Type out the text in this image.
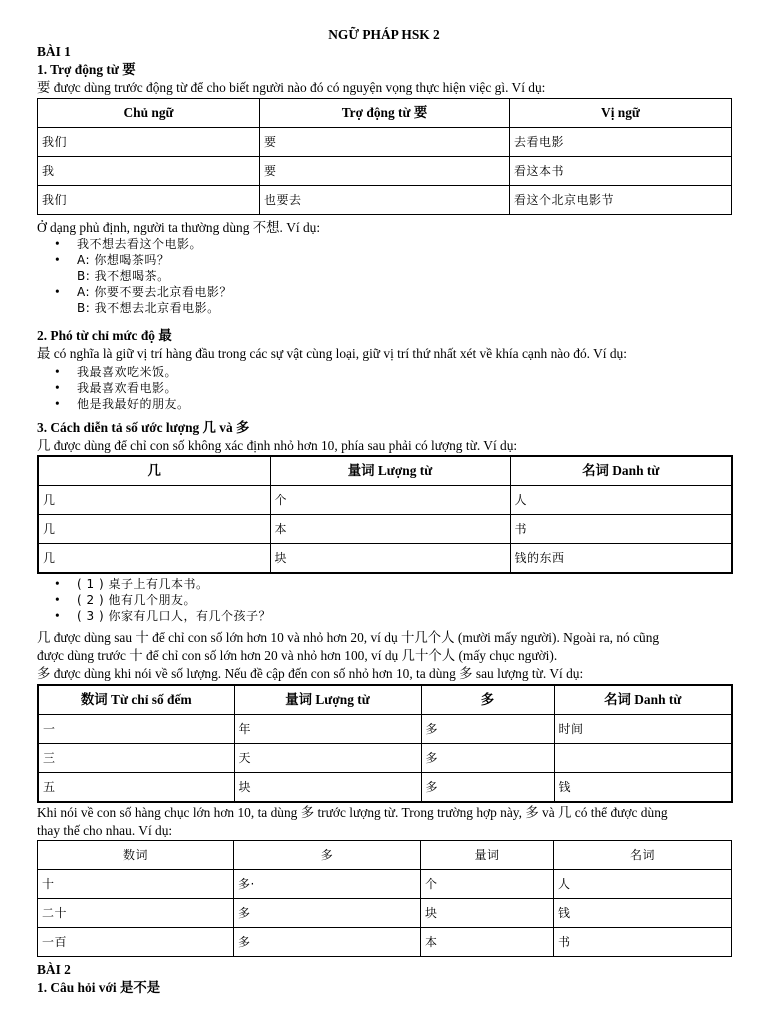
NGỮ PHÁP HSK 2
BÀI 1
1. Trợ động từ 要
要 được dùng trước động từ để cho biết người nào đó có nguyện vọng thực hiện việc gì. Ví dụ:
Chủ ngữ	Trợ động từ 要	Vị ngữ
我们	要	去看电影
我	要	看这本书
我们	也要去	看这个北京电影节
Ở dạng phủ định, người ta thường dùng 不想. Ví dụ:
• 我不想去看这个电影。
• A: 你想喝茶吗？
B: 我不想喝茶。
• A: 你要不要去北京看电影？
B: 我不想去北京看电影。
2. Phó từ chỉ mức độ 最
最 có nghĩa là giữ vị trí hàng đầu trong các sự vật cùng loại, giữ vị trí thứ nhất xét về khía cạnh nào đó. Ví dụ:
• 我最喜欢吃米饭。
• 我最喜欢看电影。
• 他是我最好的朋友。
3. Cách diễn tả số ước lượng 几 và 多
几 được dùng để chỉ con số không xác định nhỏ hơn 10, phía sau phải có lượng từ. Ví dụ:
几	量词 Lượng từ	名词 Danh từ
几	个	人
几	本	书
几	块	钱的东西
• ( 1 ) 桌子上有几本书。
• ( 2 ) 他有几个朋友。
• ( 3 ) 你家有几口人，有几个孩子？
几 được dùng sau 十 để chỉ con số lớn hơn 10 và nhỏ hơn 20, ví dụ 十几个人 (mười mấy người). Ngoài ra, nó cũng
được dùng trước 十 để chỉ con số lớn hơn 20 và nhỏ hơn 100, ví dụ 几十个人 (mấy chục người).
多 được dùng khi nói về số lượng. Nếu đề cập đến con số nhỏ hơn 10, ta dùng 多 sau lượng từ. Ví dụ:
数词 Từ chỉ số đếm	量词 Lượng từ	多	名词 Danh từ
一	年	多	时间
三	天	多	
五	块	多	钱
Khi nói về con số hàng chục lớn hơn 10, ta dùng 多 trước lượng từ. Trong trường hợp này, 多 và 几 có thể được dùng
thay thế cho nhau. Ví dụ:
数词	多	量词	名词
十	多·	个	人
二十	多	块	钱
一百	多	本	书
BÀI 2
1. Câu hỏi với 是不是
